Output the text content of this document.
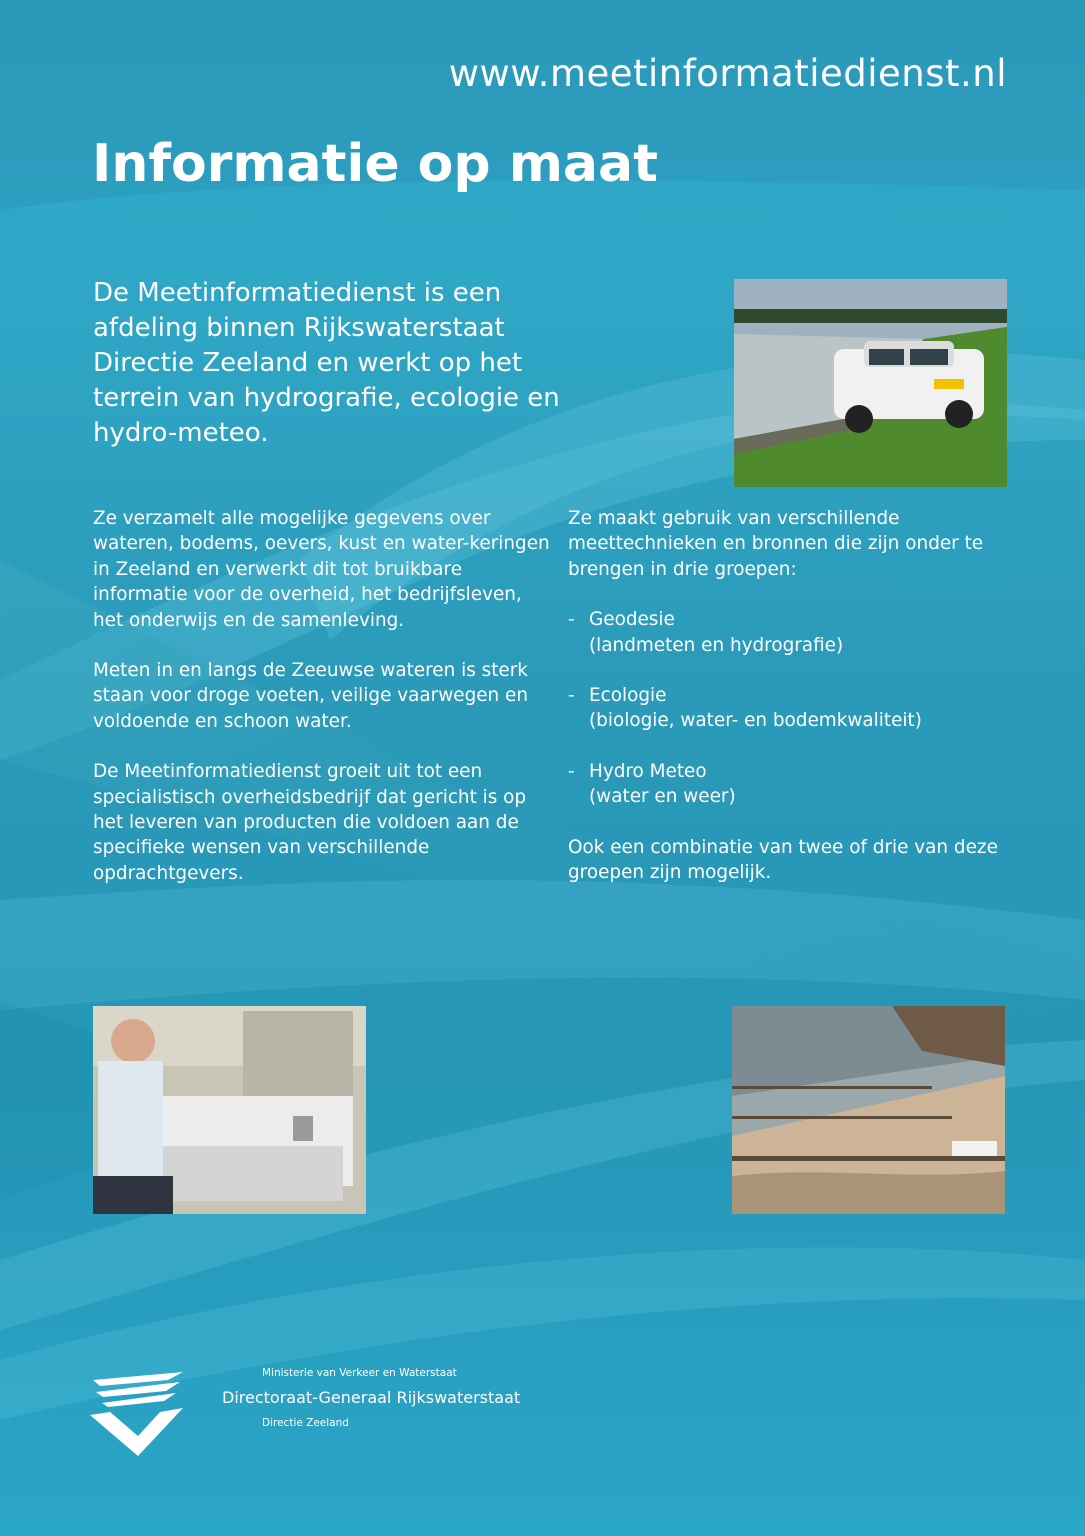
www.meetinformatiedienst.nl
Informatie op maat

De Meetinformatiedienst is een afdeling binnen Rijkswaterstaat Directie Zeeland en werkt op het terrein van hydrografie, ecologie en hydro-meteo.

Ze verzamelt alle mogelijke gegevens over wateren, bodems, oevers, kust en water-keringen in Zeeland en verwerkt dit tot bruikbare informatie voor de overheid, het bedrijfsleven, het onderwijs en de samenleving.

Meten in en langs de Zeeuwse wateren is sterk staan voor droge voeten, veilige vaarwegen en voldoende en schoon water.

De Meetinformatiedienst groeit uit tot een specialistisch overheidsbedrijf dat gericht is op het leveren van producten die voldoen aan de specifieke wensen van verschillende opdrachtgevers.

Ze maakt gebruik van verschillende meettechnieken en bronnen die zijn onder te brengen in drie groepen:

- Geodesie
(landmeten en hydrografie)
- Ecologie
(biologie, water- en bodemkwaliteit)
- Hydro Meteo
(water en weer)

Ook een combinatie van twee of drie van deze groepen zijn mogelijk.

Ministerie van Verkeer en Waterstaat
Directoraat-Generaal Rijkswaterstaat
Directie Zeeland
